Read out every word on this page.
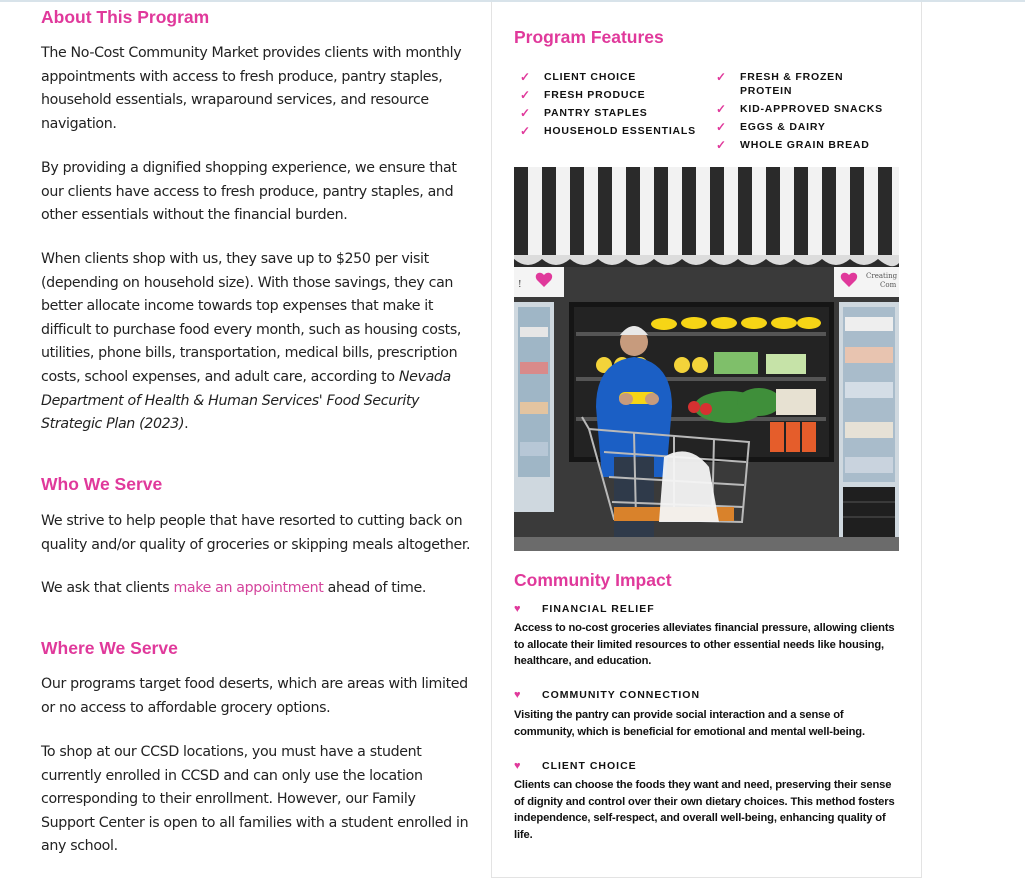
About This Program
The No-Cost Community Market provides clients with monthly appointments with access to fresh produce, pantry staples, household essentials, wraparound services, and resource navigation.
By providing a dignified shopping experience, we ensure that our clients have access to fresh produce, pantry staples, and other essentials without the financial burden.
When clients shop with us, they save up to $250 per visit (depending on household size). With those savings, they can better allocate income towards top expenses that make it difficult to purchase food every month, such as housing costs, utilities, phone bills, transportation, medical bills, prescription costs, school expenses, and adult care, according to Nevada Department of Health & Human Services' Food Security Strategic Plan (2023).
Who We Serve
We strive to help people that have resorted to cutting back on quality and/or quality of groceries or skipping meals altogether.
We ask that clients make an appointment ahead of time.
Where We Serve
Our programs target food deserts, which are areas with limited or no access to affordable grocery options.
To shop at our CCSD locations, you must have a student currently enrolled in CCSD and can only use the location corresponding to their enrollment. However, our Family Support Center is open to all families with a student enrolled in any school.
Program Features
✓ CLIENT CHOICE
✓ FRESH PRODUCE
✓ PANTRY STAPLES
✓ HOUSEHOLD ESSENTIALS
✓ FRESH & FROZEN PROTEIN
✓ KID-APPROVED SNACKS
✓ EGGS & DAIRY
✓ WHOLE GRAIN BREAD
!
Creating
Com
Community Impact
♥ FINANCIAL RELIEF
Access to no-cost groceries alleviates financial pressure, allowing clients to allocate their limited resources to other essential needs like housing, healthcare, and education.
♥ COMMUNITY CONNECTION
Visiting the pantry can provide social interaction and a sense of community, which is beneficial for emotional and mental well-being.
♥ CLIENT CHOICE
Clients can choose the foods they want and need, preserving their sense of dignity and control over their own dietary choices. This method fosters independence, self-respect, and overall well-being, enhancing quality of life.
